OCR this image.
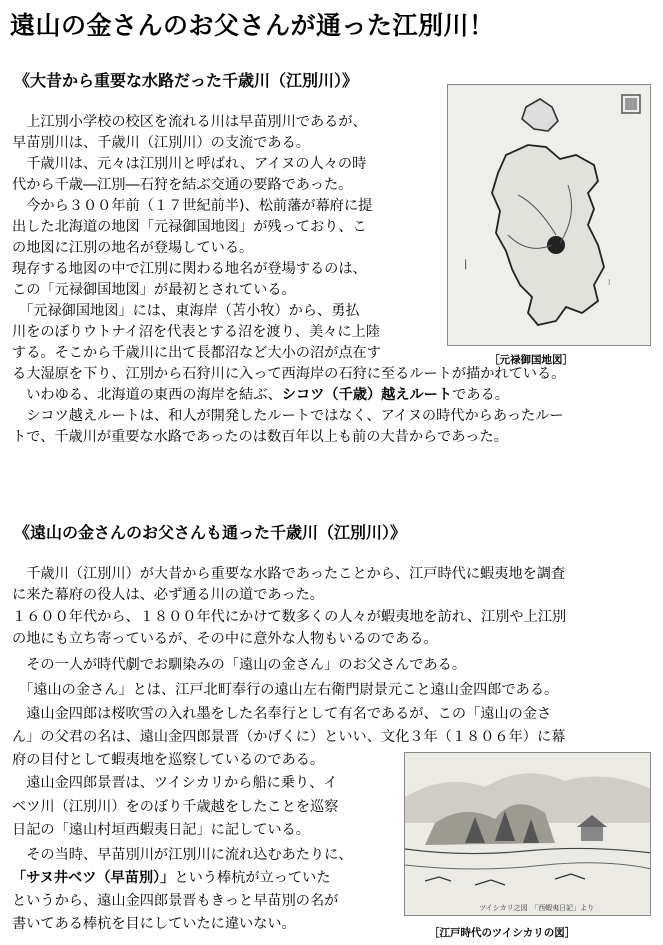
遠山の金さんのお父さんが通った江別川！
《大昔から重要な水路だった千歳川（江別川）》
　上江別小学校の校区を流れる川は早苗別川であるが、
早苗別川は、千歳川（江別川）の支流である。
　千歳川は、元々は江別川と呼ばれ、アイヌの人々の時
代から千歳―江別―石狩を結ぶ交通の要路であった。
　今から３００年前（１７世紀前半)、松前藩が幕府に提
出した北海道の地図「元禄御国地図」が残っており、こ
の地図に江別の地名が登場している。
現存する地図の中で江別に関わる地名が登場するのは、
この「元禄御国地図」が最初とされている。
　「元禄御国地図」には、東海岸（苫小牧）から、勇払
川をのぼりウトナイ沼を代表とする沼を渡り、美々に上陸
する。そこから千歳川に出て長都沼など大小の沼が点在す
る大湿原を下り、江別から石狩川に入って西海岸の石狩に至るルートが描かれている。
　いわゆる、北海道の東西の海岸を結ぶ、シコツ（千歳）越えルートである。
　シコツ越えルートは、和人が開発したルートではなく、アイヌの時代からあったルー
トで、千歳川が重要な水路であったのは数百年以上も前の大昔からであった。
⁝
|
［元禄御国地図］
《遠山の金さんのお父さんも通った千歳川（江別川）》
　千歳川（江別川）が大昔から重要な水路であったことから、江戸時代に蝦夷地を調査
に来た幕府の役人は、必ず通る川の道であった。
１６００年代から、１８００年代にかけて数多くの人々が蝦夷地を訪れ、江別や上江別
の地にも立ち寄っているが、その中に意外な人物もいるのである。
　その一人が時代劇でお馴染みの「遠山の金さん」のお父さんである。
　「遠山の金さん」とは、江戸北町奉行の遠山左右衛門尉景元こと遠山金四郎である。
　遠山金四郎は桜吹雪の入れ墨をした名奉行として有名であるが、この「遠山の金さ
ん」の父君の名は、遠山金四郎景晋（かげくに）といい、文化３年（１８０６年）に幕
府の目付として蝦夷地を巡察しているのである。
　遠山金四郎景晋は、ツイシカリから船に乗り、イ
ベツ川（江別川）をのぼり千歳越をしたことを巡察
日記の「遠山村垣西蝦夷日記」に記している。
　その当時、早苗別川が江別川に流れ込むあたりに、
「サヌ井ベツ（早苗別）」という棒杭が立っていた
というから、遠山金四郎景晋もきっと早苗別の名が
書いてある棒杭を目にしていたに違いない。
ツイシカリ之図　「西蝦夷日記」より
［江戸時代のツイシカリの図］
